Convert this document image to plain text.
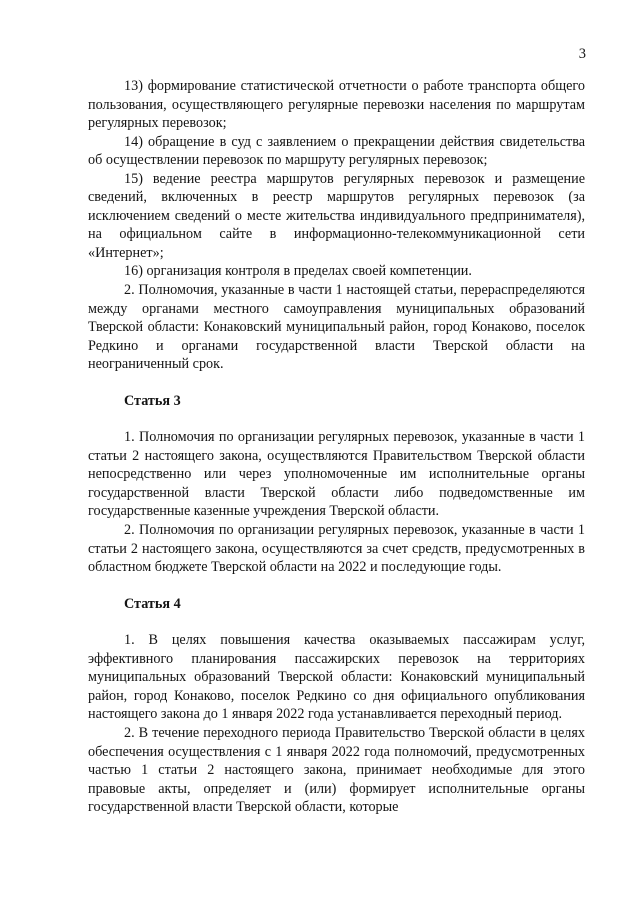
3

13) формирование статистической отчетности о работе транспорта общего пользования, осуществляющего регулярные перевозки населения по маршрутам регулярных перевозок;

14) обращение в суд с заявлением о прекращении действия свидетельства об осуществлении перевозок по маршруту регулярных перевозок;

15) ведение реестра маршрутов регулярных перевозок и размещение сведений, включенных в реестр маршрутов регулярных перевозок (за исключением сведений о месте жительства индивидуального предпринимателя), на официальном сайте в информационно-телекоммуникационной сети «Интернет»;

16) организация контроля в пределах своей компетенции.

2. Полномочия, указанные в части 1 настоящей статьи, перераспределяются между органами местного самоуправления муниципальных образований Тверской области: Конаковский муниципальный район, город Конаково, поселок Редкино и органами государственной власти Тверской области на неограниченный срок.

Статья 3

1. Полномочия по организации регулярных перевозок, указанные в части 1 статьи 2 настоящего закона, осуществляются Правительством Тверской области непосредственно или через уполномоченные им исполнительные органы государственной власти Тверской области либо подведомственные им государственные казенные учреждения Тверской области.

2. Полномочия по организации регулярных перевозок, указанные в части 1 статьи 2 настоящего закона, осуществляются за счет средств, предусмотренных в областном бюджете Тверской области на 2022 и последующие годы.

Статья 4

1. В целях повышения качества оказываемых пассажирам услуг, эффективного планирования пассажирских перевозок на территориях муниципальных образований Тверской области: Конаковский муниципальный район, город Конаково, поселок Редкино со дня официального опубликования настоящего закона до 1 января 2022 года устанавливается переходный период.

2. В течение переходного периода Правительство Тверской области в целях обеспечения осуществления с 1 января 2022 года полномочий, предусмотренных частью 1 статьи 2 настоящего закона, принимает необходимые для этого правовые акты, определяет и (или) формирует исполнительные органы государственной власти Тверской области, которые
